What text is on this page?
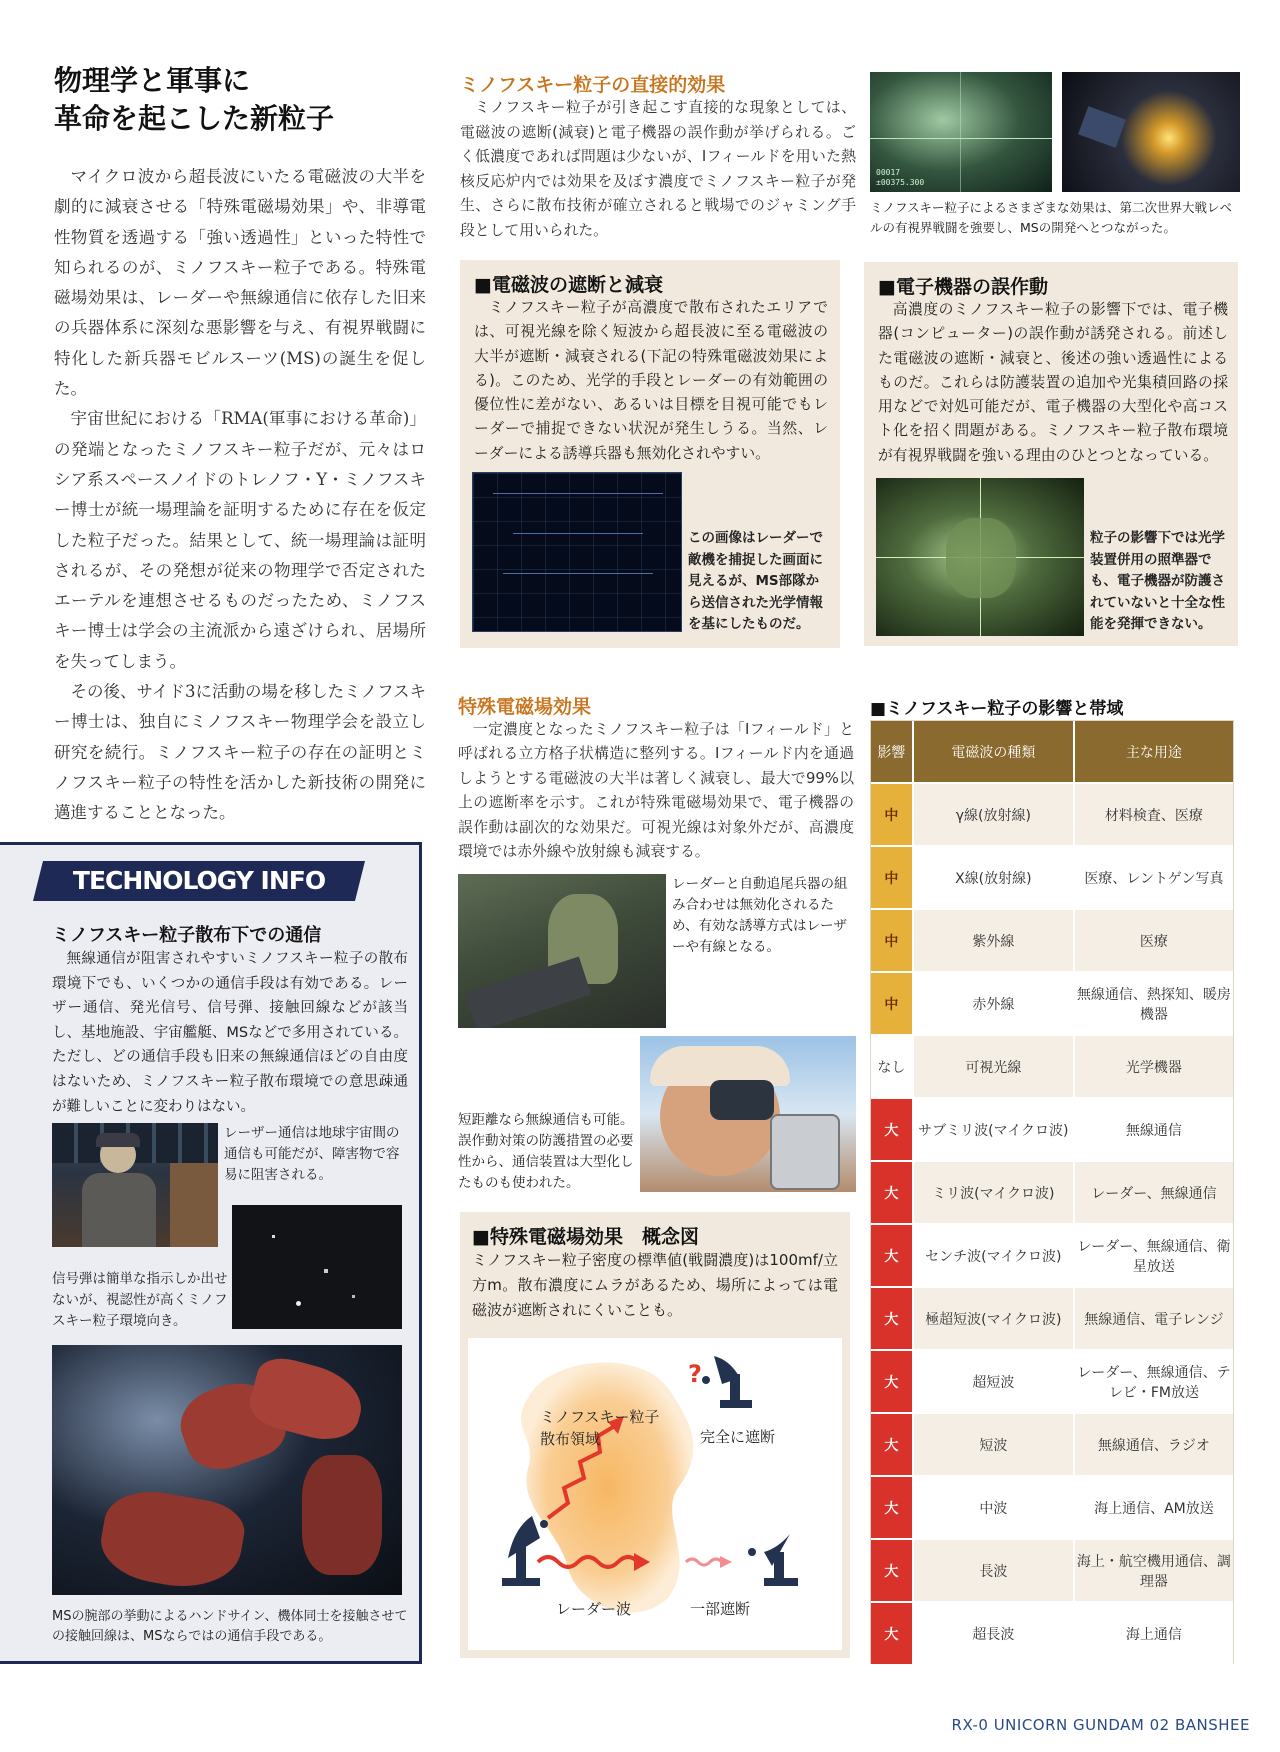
物理学と軍事に
革命を起こした新粒子

マイクロ波から超長波にいたる電磁波の大半を劇的に減衰させる「特殊電磁場効果」や、非導電性物質を透過する「強い透過性」といった特性で知られるのが、ミノフスキー粒子である。特殊電磁場効果は、レーダーや無線通信に依存した旧来の兵器体系に深刻な悪影響を与え、有視界戦闘に特化した新兵器モビルスーツ(MS)の誕生を促した。

宇宙世紀における「RMA(軍事における革命)」の発端となったミノフスキー粒子だが、元々はロシア系スペースノイドのトレノフ・Y・ミノフスキー博士が統一場理論を証明するために存在を仮定した粒子だった。結果として、統一場理論は証明されるが、その発想が従来の物理学で否定されたエーテルを連想させるものだったため、ミノフスキー博士は学会の主流派から遠ざけられ、居場所を失ってしまう。

その後、サイド3に活動の場を移したミノフスキー博士は、独自にミノフスキー物理学会を設立し研究を続行。ミノフスキー粒子の存在の証明とミノフスキー粒子の特性を活かした新技術の開発に邁進することとなった。

TECHNOLOGY INFO
ミノフスキー粒子散布下での通信

無線通信が阻害されやすいミノフスキー粒子の散布環境下でも、いくつかの通信手段は有効である。レーザー通信、発光信号、信号弾、接触回線などが該当し、基地施設、宇宙艦艇、MSなどで多用されている。ただし、どの通信手段も旧来の無線通信ほどの自由度はないため、ミノフスキー粒子散布環境での意思疎通が難しいことに変わりはない。

レーザー通信は地球宇宙間の通信も可能だが、障害物で容易に阻害される。
信号弾は簡単な指示しか出せないが、視認性が高くミノフスキー粒子環境向き。
MSの腕部の挙動によるハンドサイン、機体同士を接触させての接触回線は、MSならではの通信手段である。
ミノフスキー粒子の直接的効果

ミノフスキー粒子が引き起こす直接的な現象としては、電磁波の遮断(減衰)と電子機器の誤作動が挙げられる。ごく低濃度であれば問題は少ないが、Iフィールドを用いた熱核反応炉内では効果を及ぼす濃度でミノフスキー粒子が発生、さらに散布技術が確立されると戦場でのジャミング手段として用いられた。

■電磁波の遮断と減衰

ミノフスキー粒子が高濃度で散布されたエリアでは、可視光線を除く短波から超長波に至る電磁波の大半が遮断・減衰される(下記の特殊電磁波効果による)。このため、光学的手段とレーダーの有効範囲の優位性に差がない、あるいは目標を目視可能でもレーダーで捕捉できない状況が発生しうる。当然、レーダーによる誘導兵器も無効化されやすい。

この画像はレーダーで敵機を捕捉した画面に見えるが、MS部隊から送信された光学情報を基にしたものだ。
特殊電磁場効果

一定濃度となったミノフスキー粒子は「Iフィールド」と呼ばれる立方格子状構造に整列する。Iフィールド内を通過しようとする電磁波の大半は著しく減衰し、最大で99%以上の遮断率を示す。これが特殊電磁場効果で、電子機器の誤作動は副次的な効果だ。可視光線は対象外だが、高濃度環境では赤外線や放射線も減衰する。

レーダーと自動追尾兵器の組み合わせは無効化されるため、有効な誘導方式はレーザーや有線となる。
短距離なら無線通信も可能。誤作動対策の防護措置の必要性から、通信装置は大型化したものも使われた。
■特殊電磁場効果　概念図

ミノフスキー粒子密度の標準値(戦闘濃度)は100mf/立方m。散布濃度にムラがあるため、場所によっては電磁波が遮断されにくいことも。

?
ミノフスキー粒子
散布領域	完全に遮断
レーダー波	一部遮断
00017 ±00375.300
ミノフスキー粒子によるさまざまな効果は、第二次世界大戦レベルの有視界戦闘を強要し、MSの開発へとつながった。
■電子機器の誤作動

高濃度のミノフスキー粒子の影響下では、電子機器(コンピューター)の誤作動が誘発される。前述した電磁波の遮断・減衰と、後述の強い透過性によるものだ。これらは防護装置の追加や光集積回路の採用などで対処可能だが、電子機器の大型化や高コスト化を招く問題がある。ミノフスキー粒子散布環境が有視界戦闘を強いる理由のひとつとなっている。

粒子の影響下では光学装置併用の照準器でも、電子機器が防護されていないと十全な性能を発揮できない。
■ミノフスキー粒子の影響と帯域
影響	電磁波の種類	主な用途
中	γ線(放射線)	材料検査、医療
中	X線(放射線)	医療、レントゲン写真
中	紫外線	医療
中	赤外線	無線通信、熱探知、暖房機器
なし	可視光線	光学機器
大	サブミリ波(マイクロ波)	無線通信
大	ミリ波(マイクロ波)	レーダー、無線通信
大	センチ波(マイクロ波)	レーダー、無線通信、衛星放送
大	極超短波(マイクロ波)	無線通信、電子レンジ
大	超短波	レーダー、無線通信、テレビ・FM放送
大	短波	無線通信、ラジオ
大	中波	海上通信、AM放送
大	長波	海上・航空機用通信、調理器
大	超長波	海上通信
RX-0 UNICORN GUNDAM 02 BANSHEE
